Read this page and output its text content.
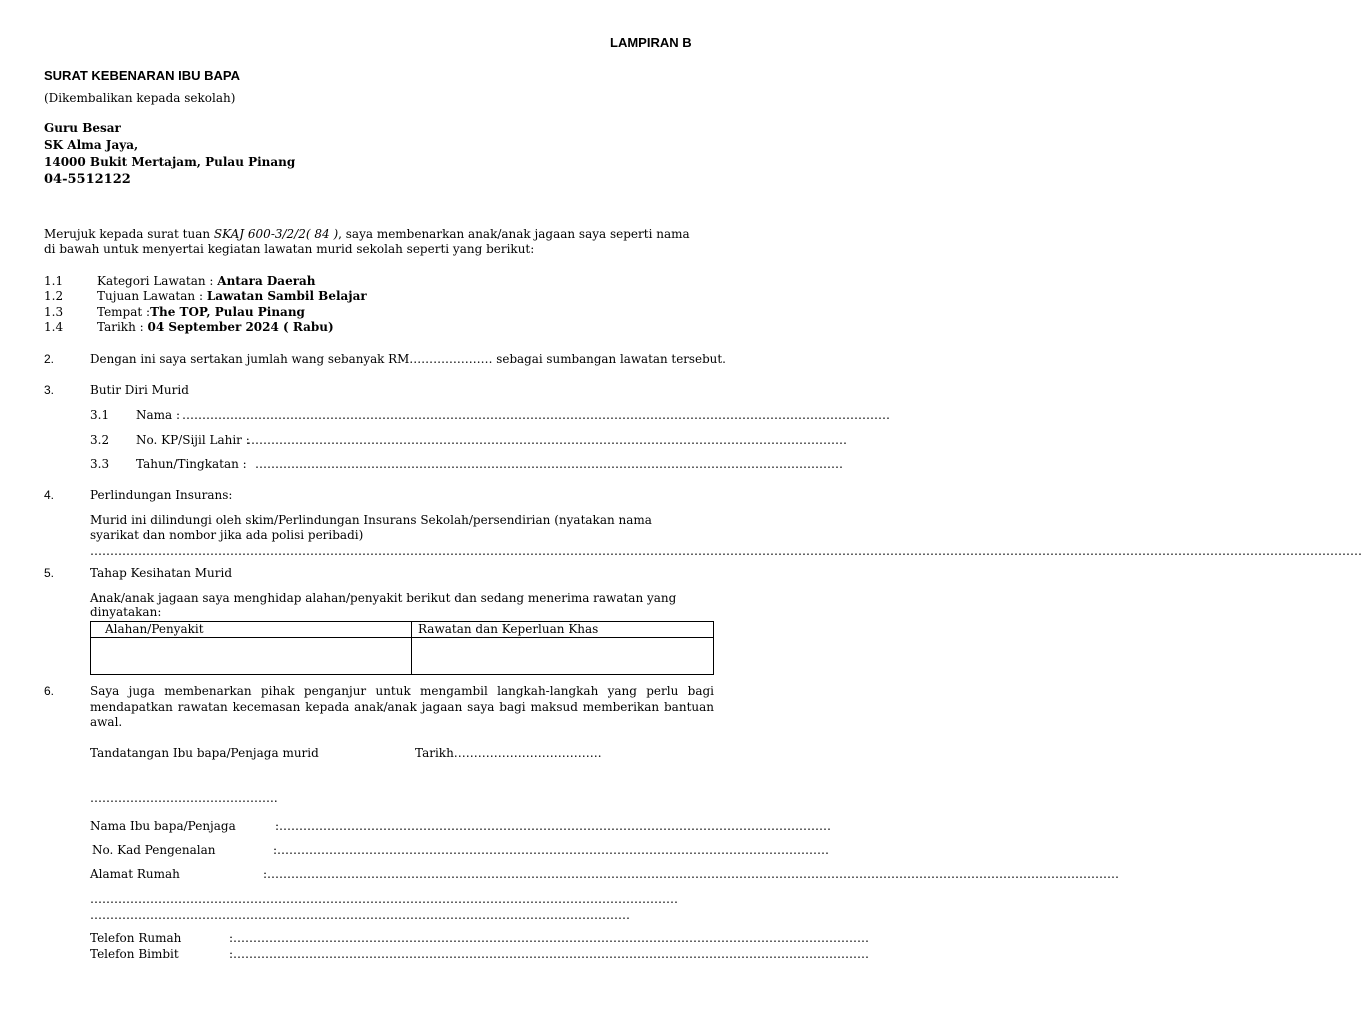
LAMPIRAN B
SURAT KEBENARAN IBU BAPA
(Dikembalikan kepada sekolah)
Guru Besar
SK Alma Jaya,
14000 Bukit Mertajam, Pulau Pinang
04-5512122
Merujuk kepada surat tuan SKAJ 600-3/2/2( 84 ), saya membenarkan anak/anak jagaan saya seperti nama
di bawah untuk menyertai kegiatan lawatan murid sekolah seperti yang berikut:
1.1	Kategori Lawatan : Antara Daerah
1.2	Tujuan Lawatan : Lawatan Sambil Belajar
1.3	Tempat :The TOP, Pulau Pinang
1.4	Tarikh : 04 September 2024 ( Rabu)
2.	Dengan ini saya sertakan jumlah wang sebanyak RM………………… sebagai sumbangan lawatan tersebut.
3.	Butir Diri Murid
3.1 Nama : ……………………………………………………………………………………………………………………………………………………………
3.2 No. KP/Sijil Lahir :
……………………………………………………………………………………………………………………………………
3.3 Tahun/Tingkatan : …………………………………………………………………………………………………………………………………
4.	Perlindungan Insurans:
Murid ini dilindungi oleh skim/Perlindungan Insurans Sekolah/persendirian (nyatakan nama
syarikat dan nombor jika ada polisi peribadi)
…………………………………………………………………………………………………………………………………………………………………………………………………………………………………………………………………………………………
5.	Tahap Kesihatan Murid
Anak/anak jagaan saya menghidap alahan/penyakit berikut dan sedang menerima rawatan yang
dinyatakan:
Alahan/Penyakit	Rawatan dan Keperluan Khas

6.	Saya juga membenarkan pihak penganjur untuk mengambil langkah-langkah yang perlu bagi
mendapatkan rawatan kecemasan kepada anak/anak jagaan saya bagi maksud memberikan bantuan
awal.
Tandatangan Ibu bapa/Penjaga murid	Tarikh……………………………….
………………………………………..
Nama Ibu bapa/Penjaga	:…………………………………………………………………………………………………………………………
No. Kad Pengenalan	:…………………………………………………………………………………………………………………………
Alamat Rumah	:……………………………………………………………………………………………………………………………………………………………………………………………
…………………………………………………………………………………………………………………………………
………………………………………………………………………………………………………………………
Telefon Rumah	:……………………………………………………………………………………………………………………………………………
Telefon Bimbit	:……………………………………………………………………………………………………………………………………………
